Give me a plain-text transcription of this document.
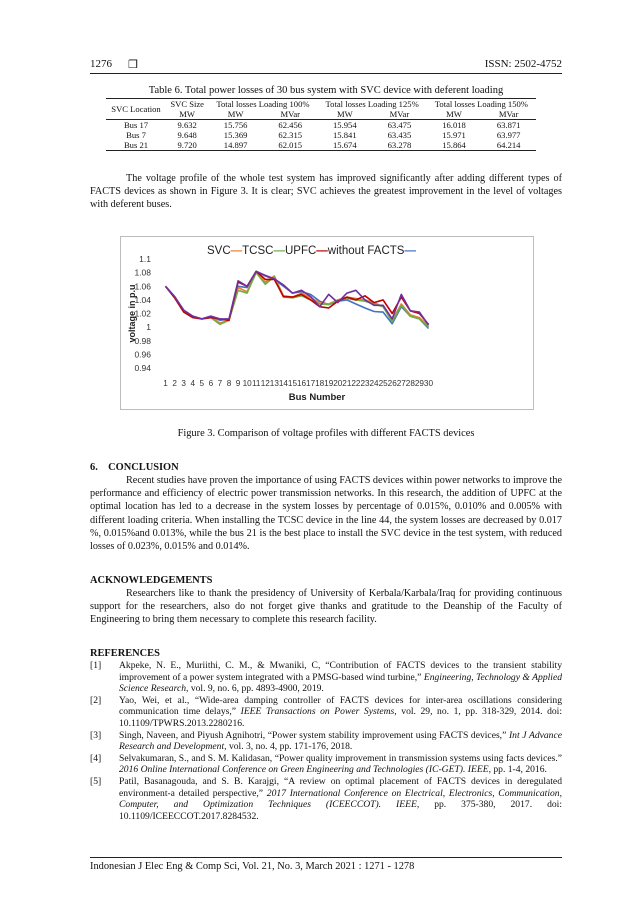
1276 ❒	ISSN: 2502-4752
Table 6. Total power losses of 30 bus system with SVC device with deferent loading
SVC Location	SVC Size	Total losses Loading 100%		Total losses Loading 125%		Total losses Loading 150%	
	MW	MW	MVar	MW	MVar	MW	MVar
Bus 17	9.632	15.756	62.456	15.954	63.475	16.018	63.871
Bus 7	9.648	15.369	62.315	15.841	63.435	15.971	63.977
Bus 21	9.720	14.897	62.015	15.674	63.278	15.864	64.214
The voltage profile of the whole test system has improved significantly after adding different types of FACTS devices as shown in Figure 3. It is clear; SVC achieves the greatest improvement in the level of voltages with deferent buses.
SVC—TCSC—UPFC—without FACTS—
1.1
1.08
1.06
1.04
1.02
1
0.98
0.96
0.94
voltage in p.u
1 2 3 4 5 6 7 8 9 10 11 12 13 14 15 16 17 18 19 20 21 22 23 24 25 26 27 28 29 30
Bus Number
Figure 3. Comparison of voltage profiles with different FACTS devices
6.    CONCLUSION
Recent studies have proven the importance of using FACTS devices within power networks to improve the performance and efficiency of electric power transmission networks. In this research, the addition of UPFC at the optimal location has led to a decrease in the system losses by percentage of 0.015%, 0.010% and 0.005% with different loading criteria. When installing the TCSC device in the line 44, the system losses are decreased by 0.017 %, 0.015%and 0.013%, while the bus 21 is the best place to install the SVC device in the test system, with reduced losses of 0.023%, 0.015% and 0.014%.
ACKNOWLEDGEMENTS
Researchers like to thank the presidency of University of Kerbala/Karbala/Iraq for providing continuous support for the researchers, also do not forget give thanks and gratitude to the Deanship of the Faculty of Engineering to bring them necessary to complete this research facility.
REFERENCES

[1] Akpeke, N. E., Muriithi, C. M., & Mwaniki, C, “Contribution of FACTS devices to the transient stability improvement of a power system integrated with a PMSG-based wind turbine,” Engineering, Technology & Applied Science Research, vol. 9, no. 6, pp. 4893-4900, 2019.

[2] Yao, Wei, et al., “Wide-area damping controller of FACTS devices for inter-area oscillations considering communication time delays,” IEEE Transactions on Power Systems, vol. 29, no. 1, pp. 318-329, 2014. doi: 10.1109/TPWRS.2013.2280216.

[3] Singh, Naveen, and Piyush Agnihotri, “Power system stability improvement using FACTS devices,” Int J Advance Research and Development, vol. 3, no. 4, pp. 171-176, 2018.

[4] Selvakumaran, S., and S. M. Kalidasan, “Power quality improvement in transmission systems using facts devices.” 2016 Online International Conference on Green Engineering and Technologies (IC-GET). IEEE, pp. 1-4, 2016.

[5] Patil, Basanagouda, and S. B. Karajgi, “A review on optimal placement of FACTS devices in deregulated environment-a detailed perspective,” 2017 International Conference on Electrical, Electronics, Communication, Computer, and Optimization Techniques (ICEECCOT). IEEE, pp. 375-380, 2017. doi: 10.1109/ICEECCOT.2017.8284532.

Indonesian J Elec Eng & Comp Sci, Vol. 21, No. 3, March 2021 : 1271 - 1278
